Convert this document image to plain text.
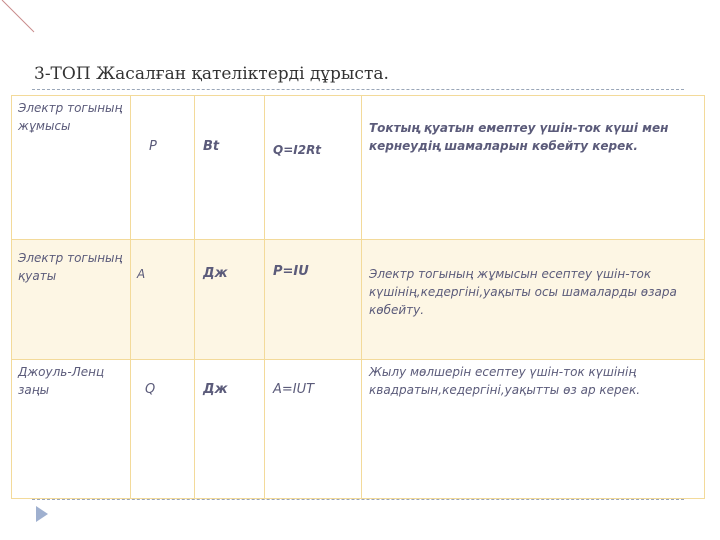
3-ТОП Жасалған қателіктерді дұрыста.
Электр тогының жұмысы	P	Вt	Q=I2Rt	Токтың қуатын емептеу үшін-ток күші мен кернеудің шамаларын көбейту керек.

Электр тогының қуаты	A	Дж	P=IU	Электр тогының жұмысын есептеу үшін-ток күшінің,кедергіні,уақыты осы шамаларды өзара көбейту.

Джоуль-Ленц заңы	Q	Дж	A=IUT	Жылу мөлшерін есептеу үшін-ток күшінің квадратын,кедергіні,уақытты өз ар керек.
